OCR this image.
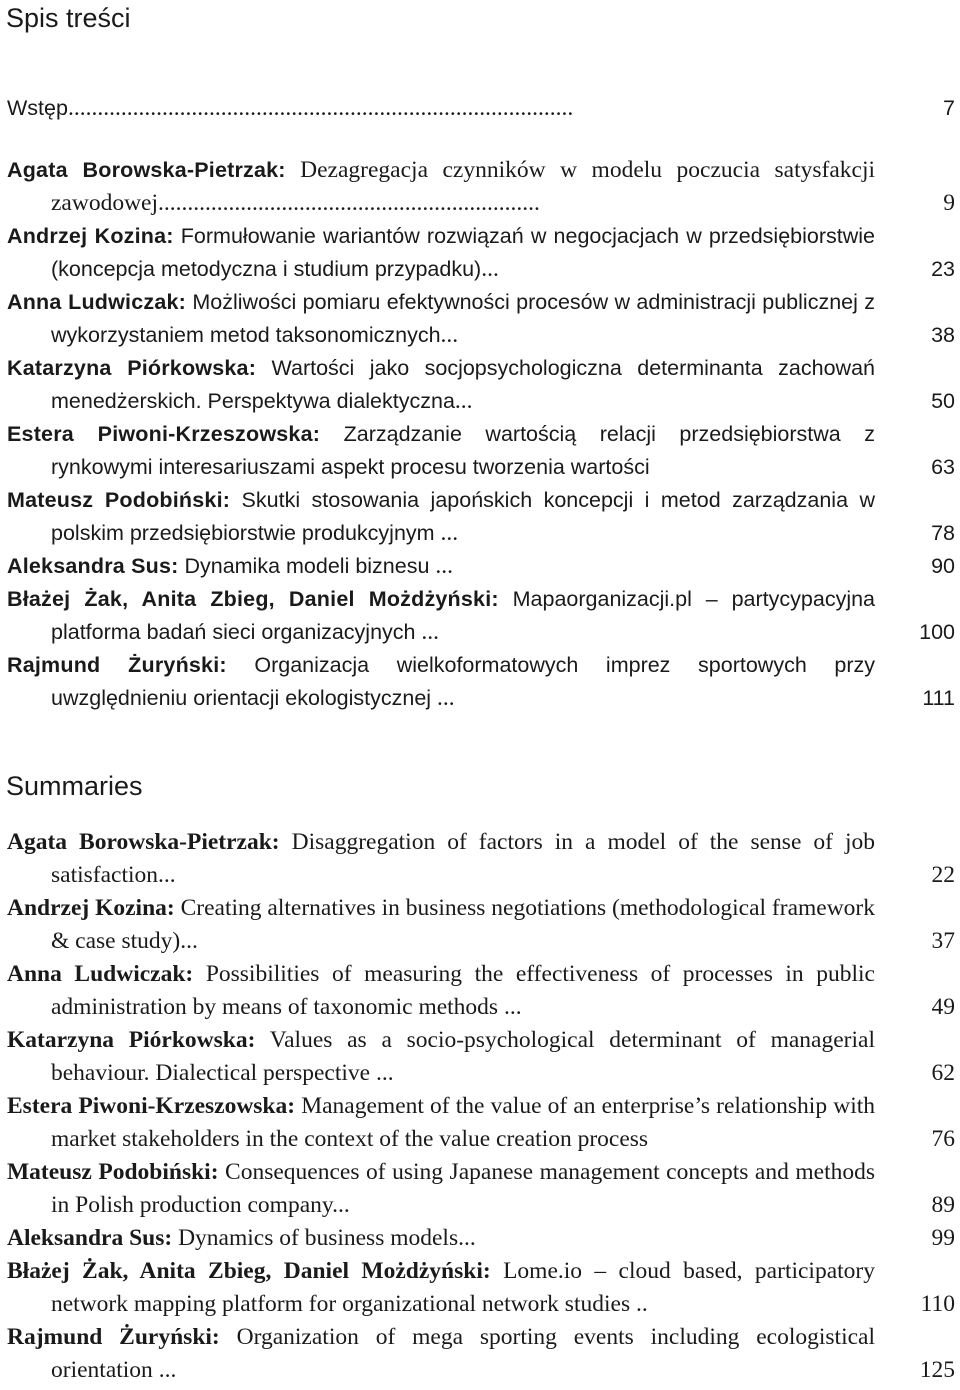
Spis treści
Wstęp......................................................................................	7
Agata Borowska-Pietrzak: Dezagregacja czynników w modelu poczucia satysfakcji zawodowej.................................................................	9
Andrzej Kozina: Formułowanie wariantów rozwiązań w negocjacjach w przedsiębiorstwie (koncepcja metodyczna i studium przypadku)...	23
Anna Ludwiczak: Możliwości pomiaru efektywności procesów w administracji publicznej z wykorzystaniem metod taksonomicznych...	38
Katarzyna Piórkowska: Wartości jako socjopsychologiczna determinanta zachowań menedżerskich. Perspektywa dialektyczna...	50
Estera Piwoni-Krzeszowska: Zarządzanie wartością relacji przedsiębiorstwa z rynkowymi interesariuszami aspekt procesu tworzenia wartości	63
Mateusz Podobiński: Skutki stosowania japońskich koncepcji i metod zarządzania w polskim przedsiębiorstwie produkcyjnym ...	78
Aleksandra Sus: Dynamika modeli biznesu ...	90
Błażej Żak, Anita Zbieg, Daniel Możdżyński: Mapaorganizacji.pl ‒ partycypacyjna platforma badań sieci organizacyjnych ...	100
Rajmund Żuryński: Organizacja wielkoformatowych imprez sportowych przy uwzględnieniu orientacji ekologistycznej ...	111
Summaries
Agata Borowska-Pietrzak: Disaggregation of factors in a model of the sense of job satisfaction...	22
Andrzej Kozina: Creating alternatives in business negotiations (methodological framework & case study)...	37
Anna Ludwiczak: Possibilities of measuring the effectiveness of processes in public administration by means of taxonomic methods ...	49
Katarzyna Piórkowska: Values as a socio-psychological determinant of managerial behaviour. Dialectical perspective ...	62
Estera Piwoni-Krzeszowska: Management of the value of an enterprise’s relationship with market stakeholders in the context of the value creation process	76
Mateusz Podobiński: Consequences of using Japanese management concepts and methods in Polish production company...	89
Aleksandra Sus: Dynamics of business models...	99
Błażej Żak, Anita Zbieg, Daniel Możdżyński: Lome.io ‒ cloud based, participatory network mapping platform for organizational network studies ..	110
Rajmund Żuryński: Organization of mega sporting events including ecologistical orientation ...	125
